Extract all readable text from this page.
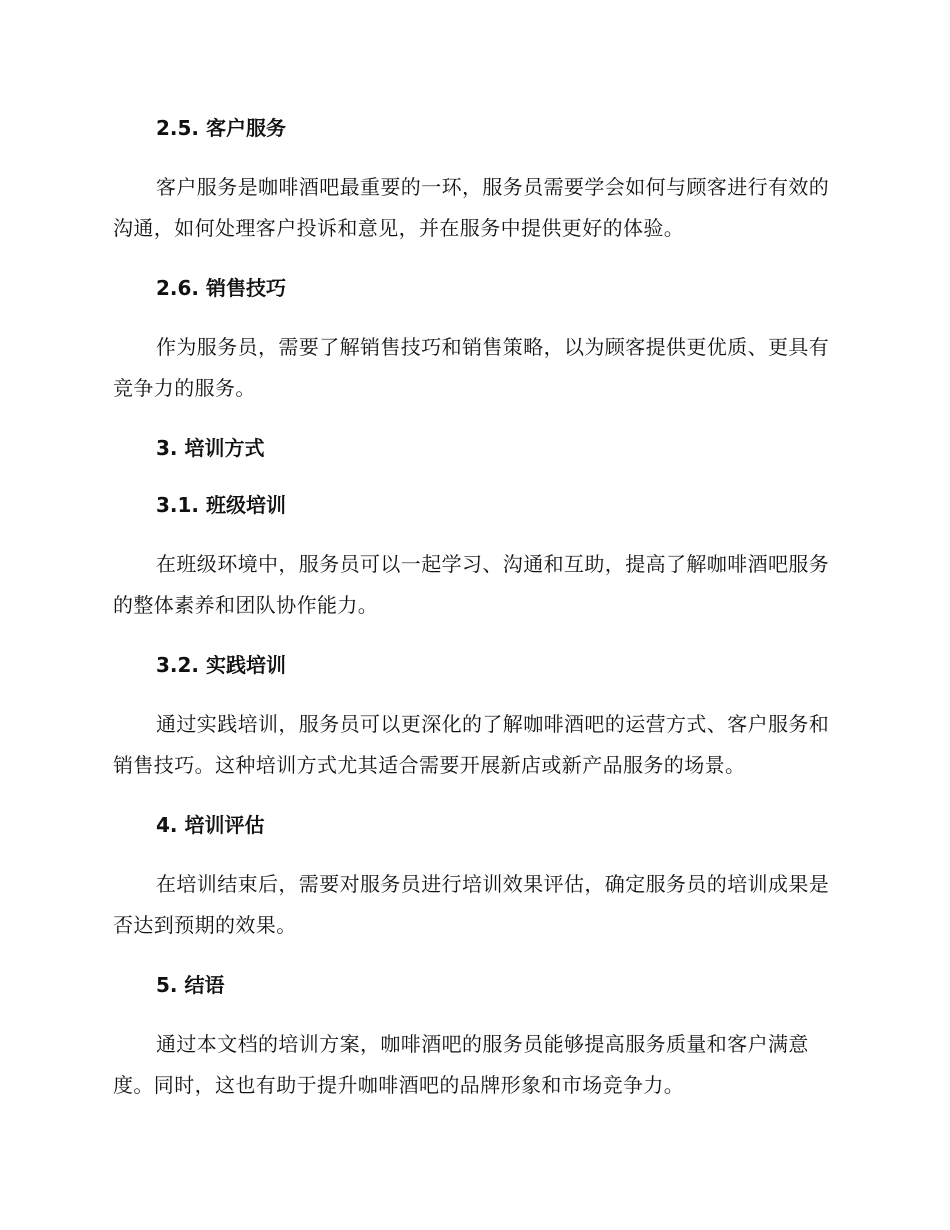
2.5. 客户服务
客户服务是咖啡酒吧最重要的一环，服务员需要学会如何与顾客进行有效的沟通，如何处理客户投诉和意见，并在服务中提供更好的体验。
2.6. 销售技巧
作为服务员，需要了解销售技巧和销售策略，以为顾客提供更优质、更具有竞争力的服务。
3. 培训方式
3.1. 班级培训
在班级环境中，服务员可以一起学习、沟通和互助，提高了解咖啡酒吧服务的整体素养和团队协作能力。
3.2. 实践培训
通过实践培训，服务员可以更深化的了解咖啡酒吧的运营方式、客户服务和销售技巧。这种培训方式尤其适合需要开展新店或新产品服务的场景。
4. 培训评估
在培训结束后，需要对服务员进行培训效果评估，确定服务员的培训成果是否达到预期的效果。
5. 结语
通过本文档的培训方案，咖啡酒吧的服务员能够提高服务质量和客户满意度。同时，这也有助于提升咖啡酒吧的品牌形象和市场竞争力。
